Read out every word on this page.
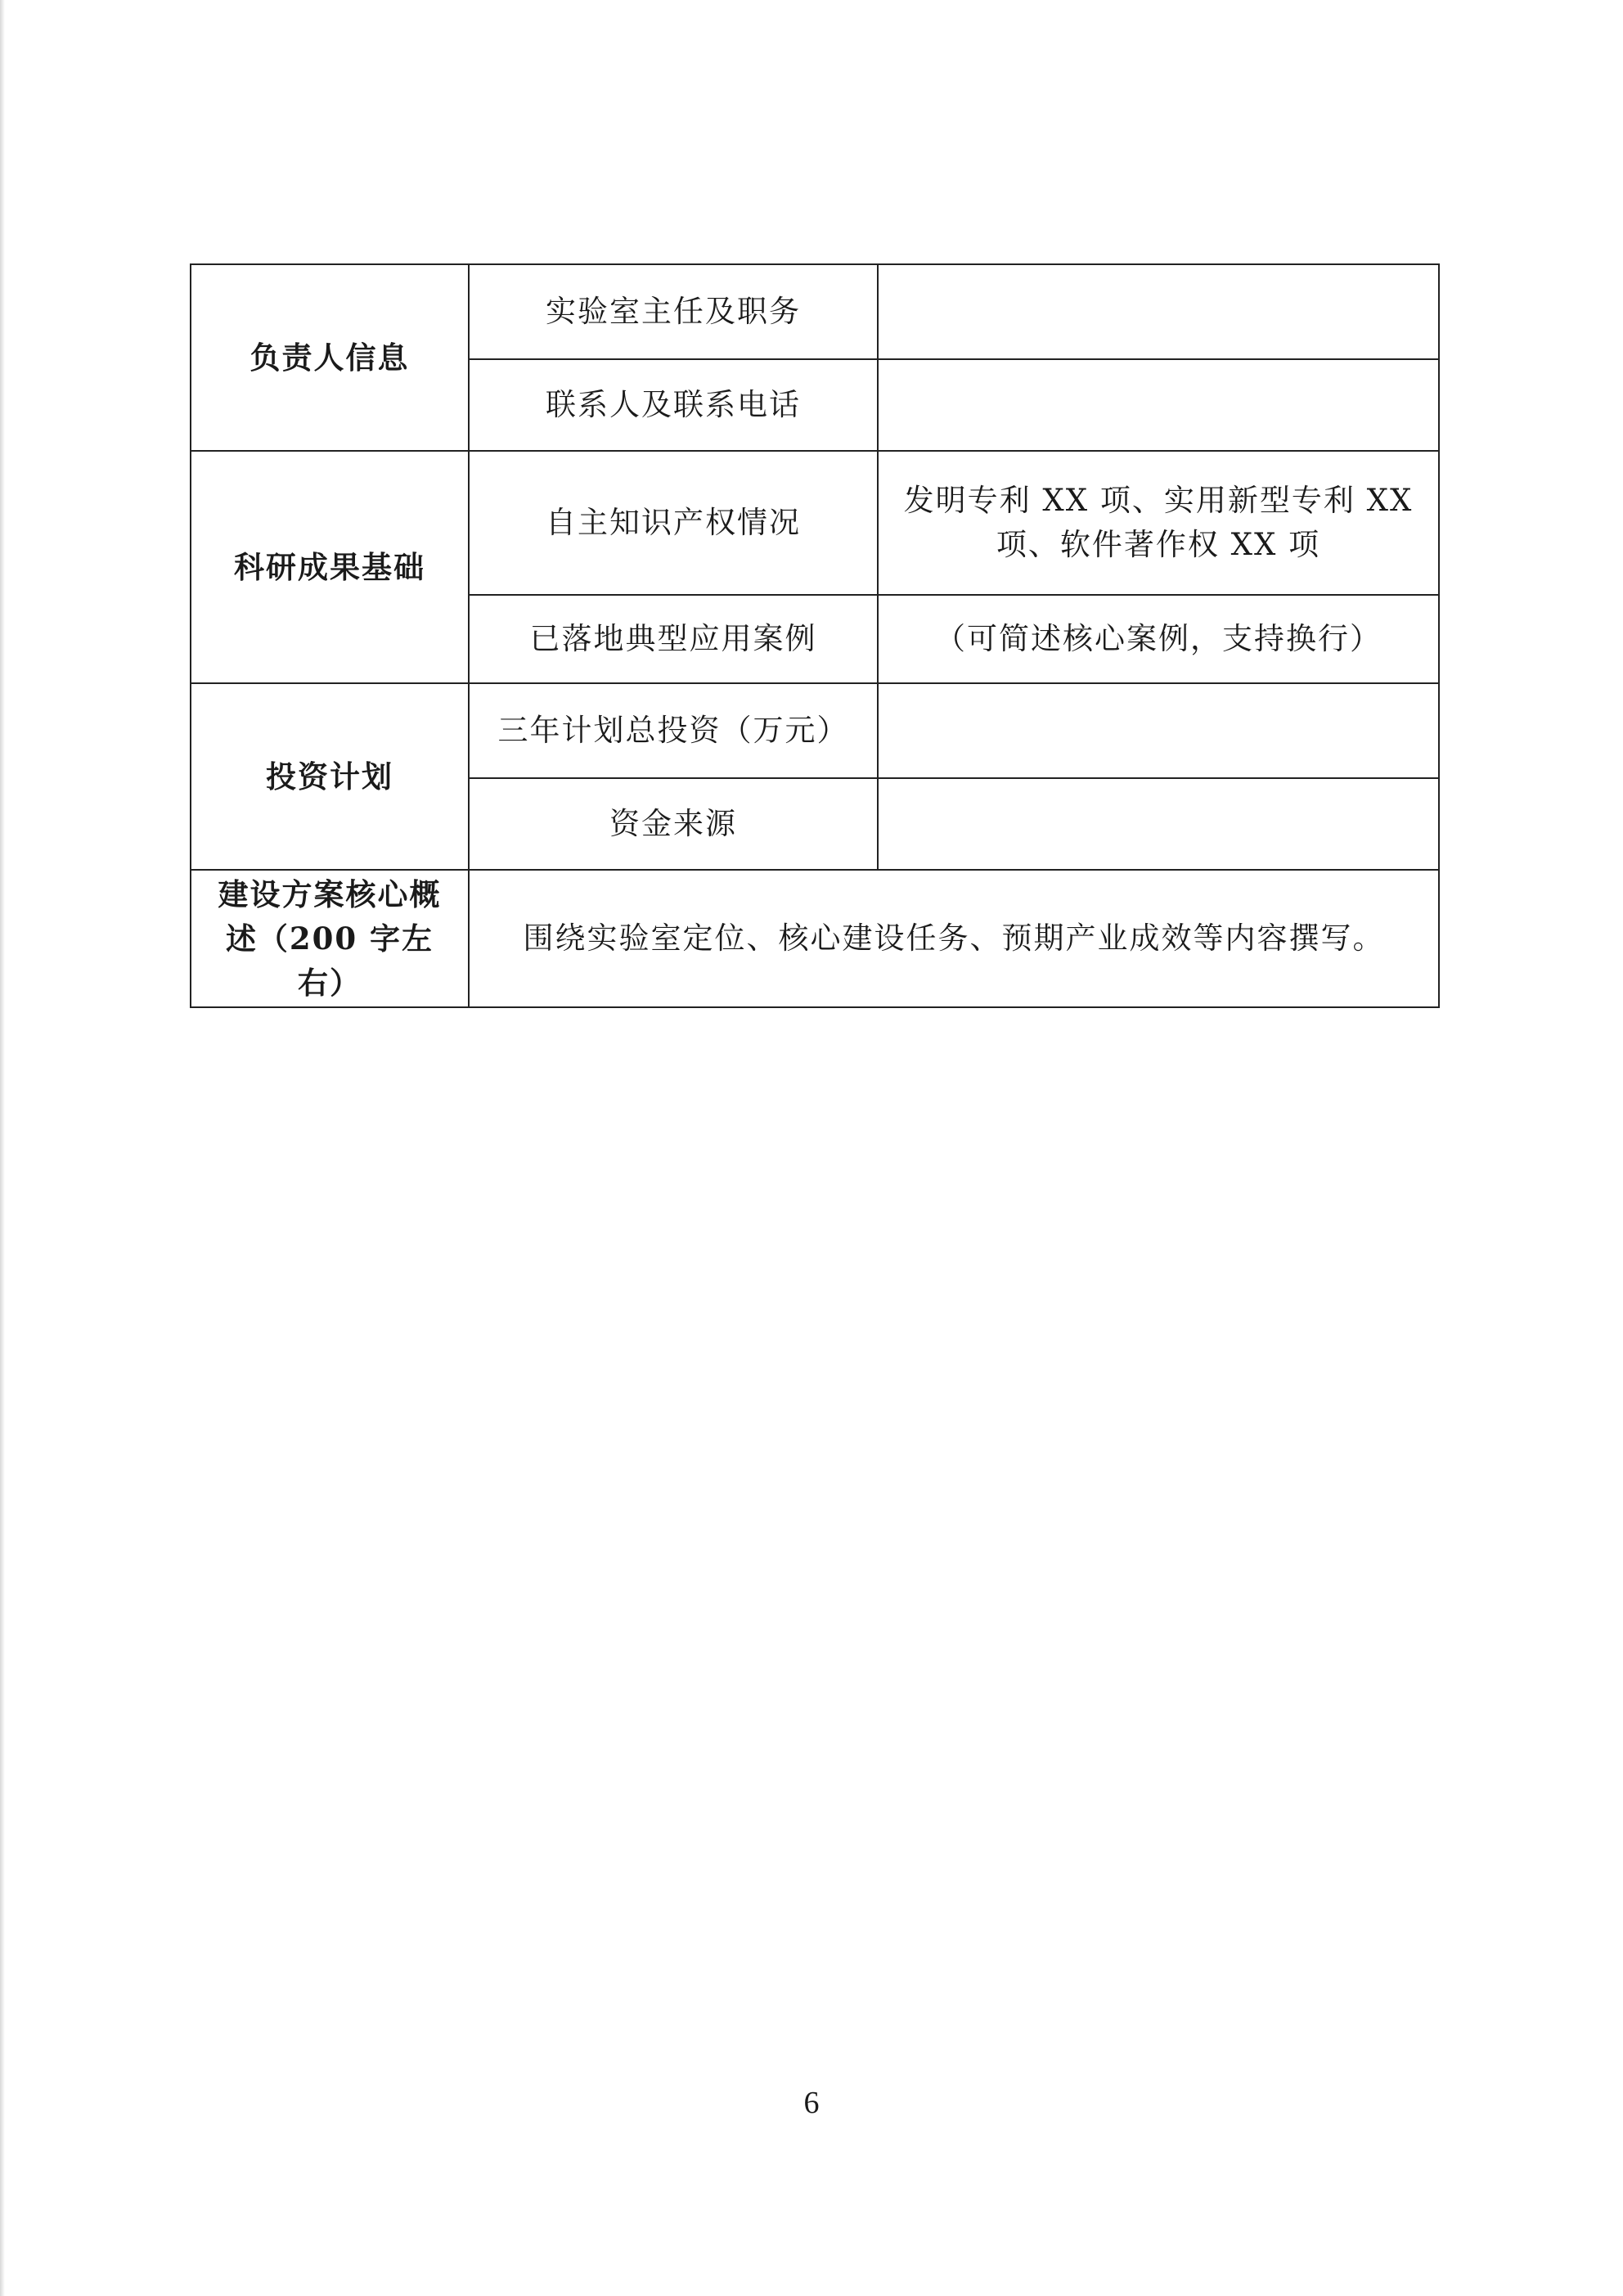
负责人信息	实验室主任及职务	
	联系人及联系电话	
科研成果基础	自主知识产权情况	发明专利 XX 项、实用新型专利 XX 项、软件著作权 XX 项
	已落地典型应用案例	（可简述核心案例，支持换行）
投资计划	三年计划总投资（万元）	
	资金来源	
建设方案核心概述（200 字左右）	围绕实验室定位、核心建设任务、预期产业成效等内容撰写。	
6
